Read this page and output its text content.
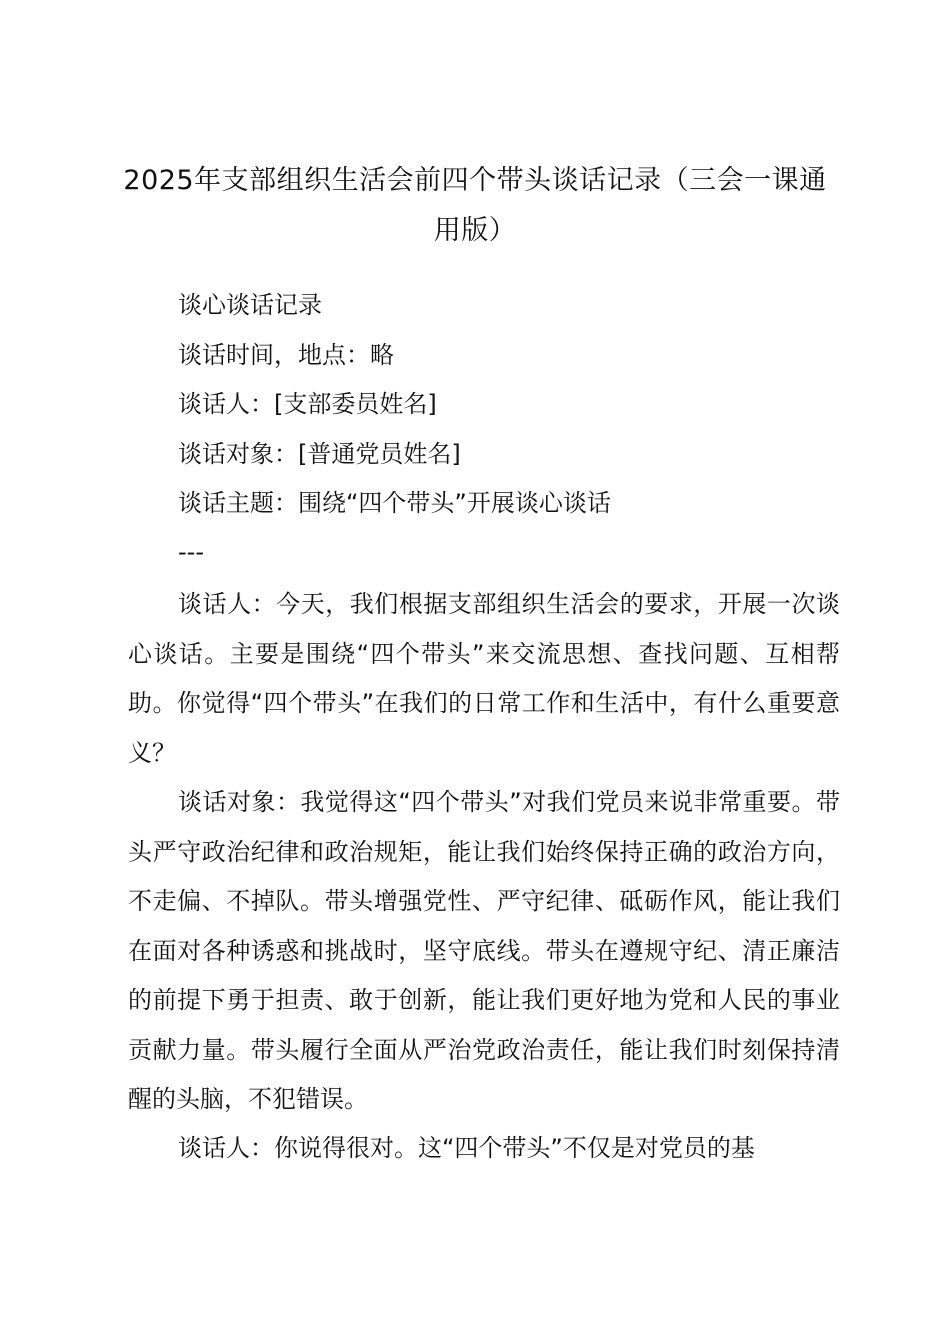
2025年支部组织生活会前四个带头谈话记录（三会一课通用版）
谈心谈话记录
谈话时间，地点：略
谈话人：[支部委员姓名]
谈话对象：[普通党员姓名]
谈话主题：围绕“四个带头”开展谈心谈话
---

谈话人：今天，我们根据支部组织生活会的要求，开展一次谈心谈话。主要是围绕“四个带头”来交流思想、查找问题、互相帮助。你觉得“四个带头”在我们的日常工作和生活中，有什么重要意义？

谈话对象：我觉得这“四个带头”对我们党员来说非常重要。带头严守政治纪律和政治规矩，能让我们始终保持正确的政治方向，不走偏、不掉队。带头增强党性、严守纪律、砥砺作风，能让我们在面对各种诱惑和挑战时，坚守底线。带头在遵规守纪、清正廉洁的前提下勇于担责、敢于创新，能让我们更好地为党和人民的事业贡献力量。带头履行全面从严治党政治责任，能让我们时刻保持清醒的头脑，不犯错误。

谈话人：你说得很对。这“四个带头”不仅是对党员的基
